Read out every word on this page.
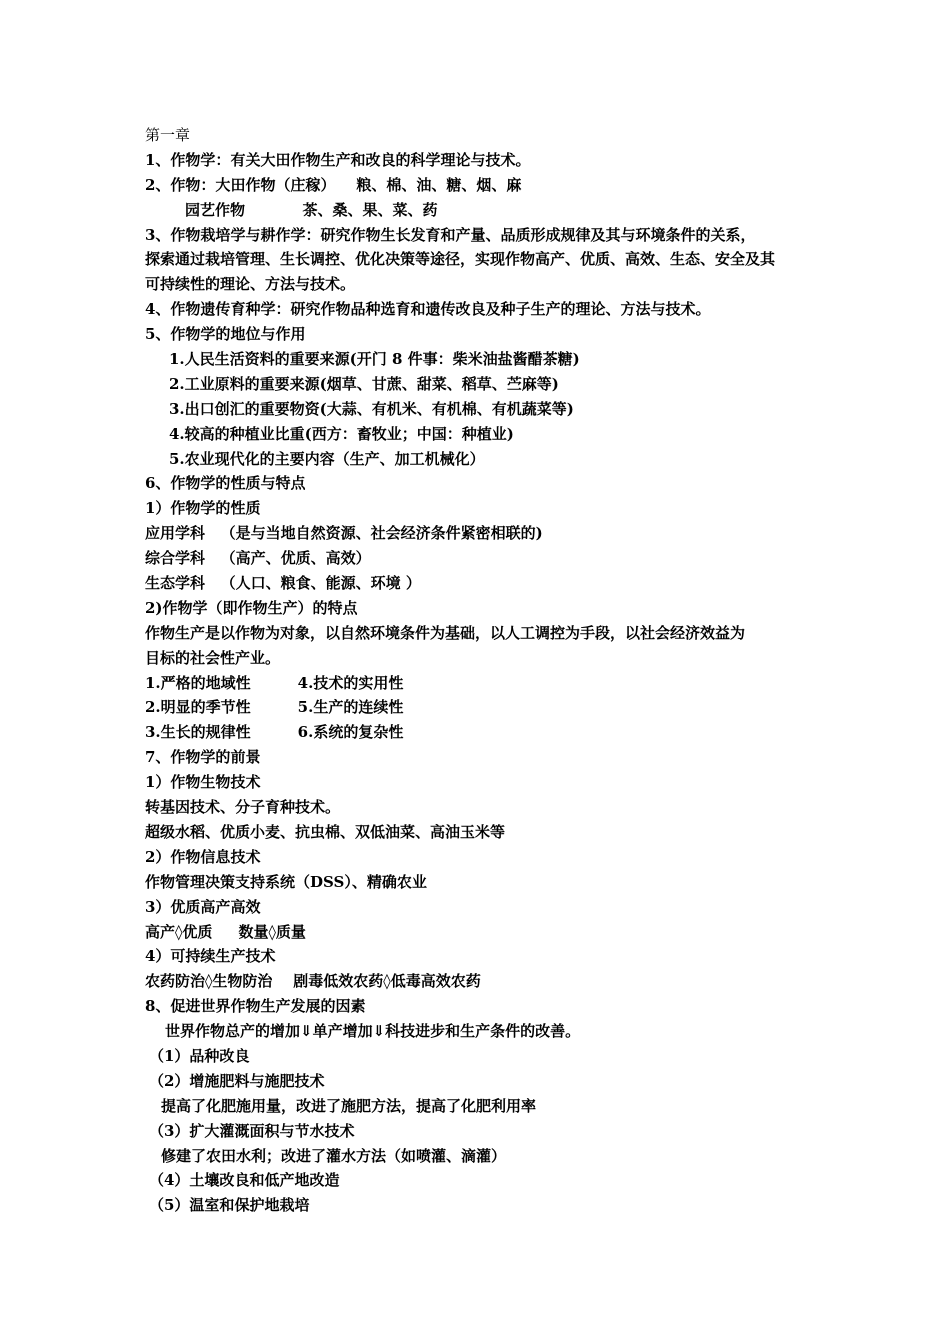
第一章
1、作物学：有关大田作物生产和改良的科学理论与技术。
2、作物：大田作物（庄稼）    粮、棉、油、糖、烟、麻
园艺作物           茶、桑、果、菜、药
3、作物栽培学与耕作学：研究作物生长发育和产量、品质形成规律及其与环境条件的关系，
探索通过栽培管理、生长调控、优化决策等途径，实现作物高产、优质、高效、生态、安全及其
可持续性的理论、方法与技术。
4、作物遗传育种学：研究作物品种选育和遗传改良及种子生产的理论、方法与技术。
5、作物学的地位与作用
1.人民生活资料的重要来源(开门 8 件事：柴米油盐酱醋茶糖)
2.工业原料的重要来源(烟草、甘蔗、甜菜、稻草、苎麻等)
3.出口创汇的重要物资(大蒜、有机米、有机棉、有机蔬菜等)
4.较高的种植业比重(西方：畜牧业；中国：种植业)
5.农业现代化的主要内容（生产、加工机械化）
6、作物学的性质与特点
1）作物学的性质
应用学科   （是与当地自然资源、社会经济条件紧密相联的)
综合学科   （高产、优质、高效）
生态学科   （人口、粮食、能源、环境 ）
2)作物学（即作物生产）的特点
作物生产是以作物为对象，以自然环境条件为基础，以人工调控为手段，以社会经济效益为
目标的社会性产业。
1.严格的地域性         4.技术的实用性
2.明显的季节性         5.生产的连续性
3.生长的规律性         6.系统的复杂性
7、作物学的前景
1）作物生物技术
转基因技术、分子育种技术。
超级水稻、优质小麦、抗虫棉、双低油菜、高油玉米等
2）作物信息技术
作物管理决策支持系统（DSS）、精确农业
3）优质高产高效
高产◊优质     数量◊质量
4）可持续生产技术
农药防治◊生物防治    剧毒低效农药◊低毒高效农药
8、促进世界作物生产发展的因素
世界作物总产的增加⇓单产增加⇓科技进步和生产条件的改善。
（1）品种改良
（2）增施肥料与施肥技术
提高了化肥施用量，改进了施肥方法，提高了化肥利用率
（3）扩大灌溉面积与节水技术
修建了农田水利；改进了灌水方法（如喷灌、滴灌）
（4）土壤改良和低产地改造
（5）温室和保护地栽培
